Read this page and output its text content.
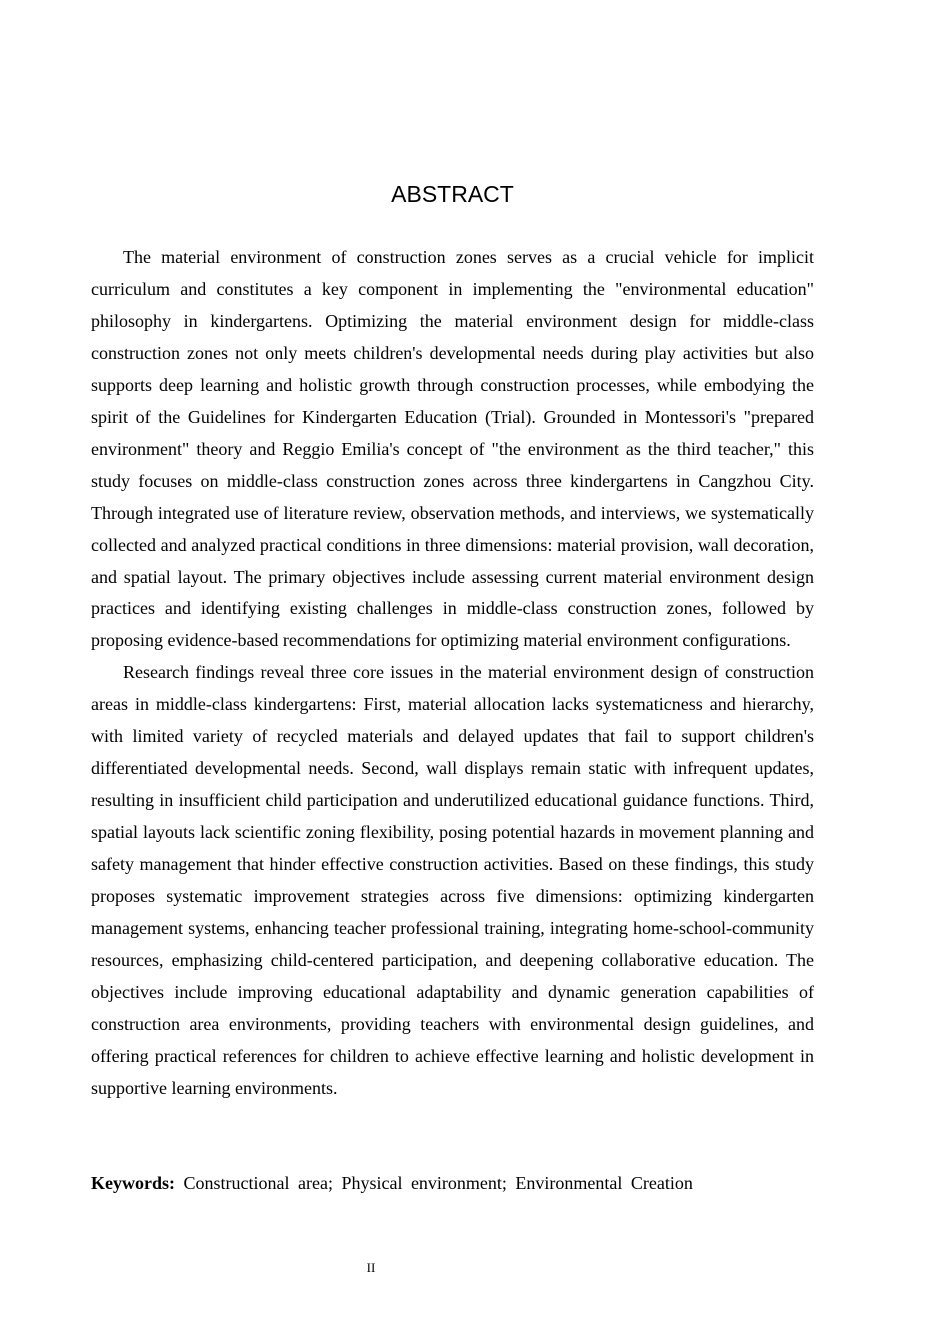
ABSTRACT

The material environment of construction zones serves as a crucial vehicle for implicit curriculum and constitutes a key component in implementing the "environmental education" philosophy in kindergartens. Optimizing the material environment design for middle-class construction zones not only meets children's developmental needs during play activities but also supports deep learning and holistic growth through construction processes, while embodying the spirit of the Guidelines for Kindergarten Education (Trial). Grounded in Montessori's "prepared environment" theory and Reggio Emilia's concept of "the environment as the third teacher," this study focuses on middle-class construction zones across three kindergartens in Cangzhou City. Through integrated use of literature review, observation methods, and interviews, we systematically collected and analyzed practical conditions in three dimensions: material provision, wall decoration, and spatial layout. The primary objectives include assessing current material environment design practices and identifying existing challenges in middle-class construction zones, followed by proposing evidence-based recommendations for optimizing material environment configurations.

Research findings reveal three core issues in the material environment design of construction areas in middle-class kindergartens: First, material allocation lacks systematicness and hierarchy, with limited variety of recycled materials and delayed updates that fail to support children's differentiated developmental needs. Second, wall displays remain static with infrequent updates, resulting in insufficient child participation and underutilized educational guidance functions. Third, spatial layouts lack scientific zoning flexibility, posing potential hazards in movement planning and safety management that hinder effective construction activities. Based on these findings, this study proposes systematic improvement strategies across five dimensions: optimizing kindergarten management systems, enhancing teacher professional training, integrating home-school-community resources, emphasizing child-centered participation, and deepening collaborative education. The objectives include improving educational adaptability and dynamic generation capabilities of construction area environments, providing teachers with environmental design guidelines, and offering practical references for children to achieve effective learning and holistic development in supportive learning environments.

Keywords: Constructional area; Physical environment; Environmental Creation
II
